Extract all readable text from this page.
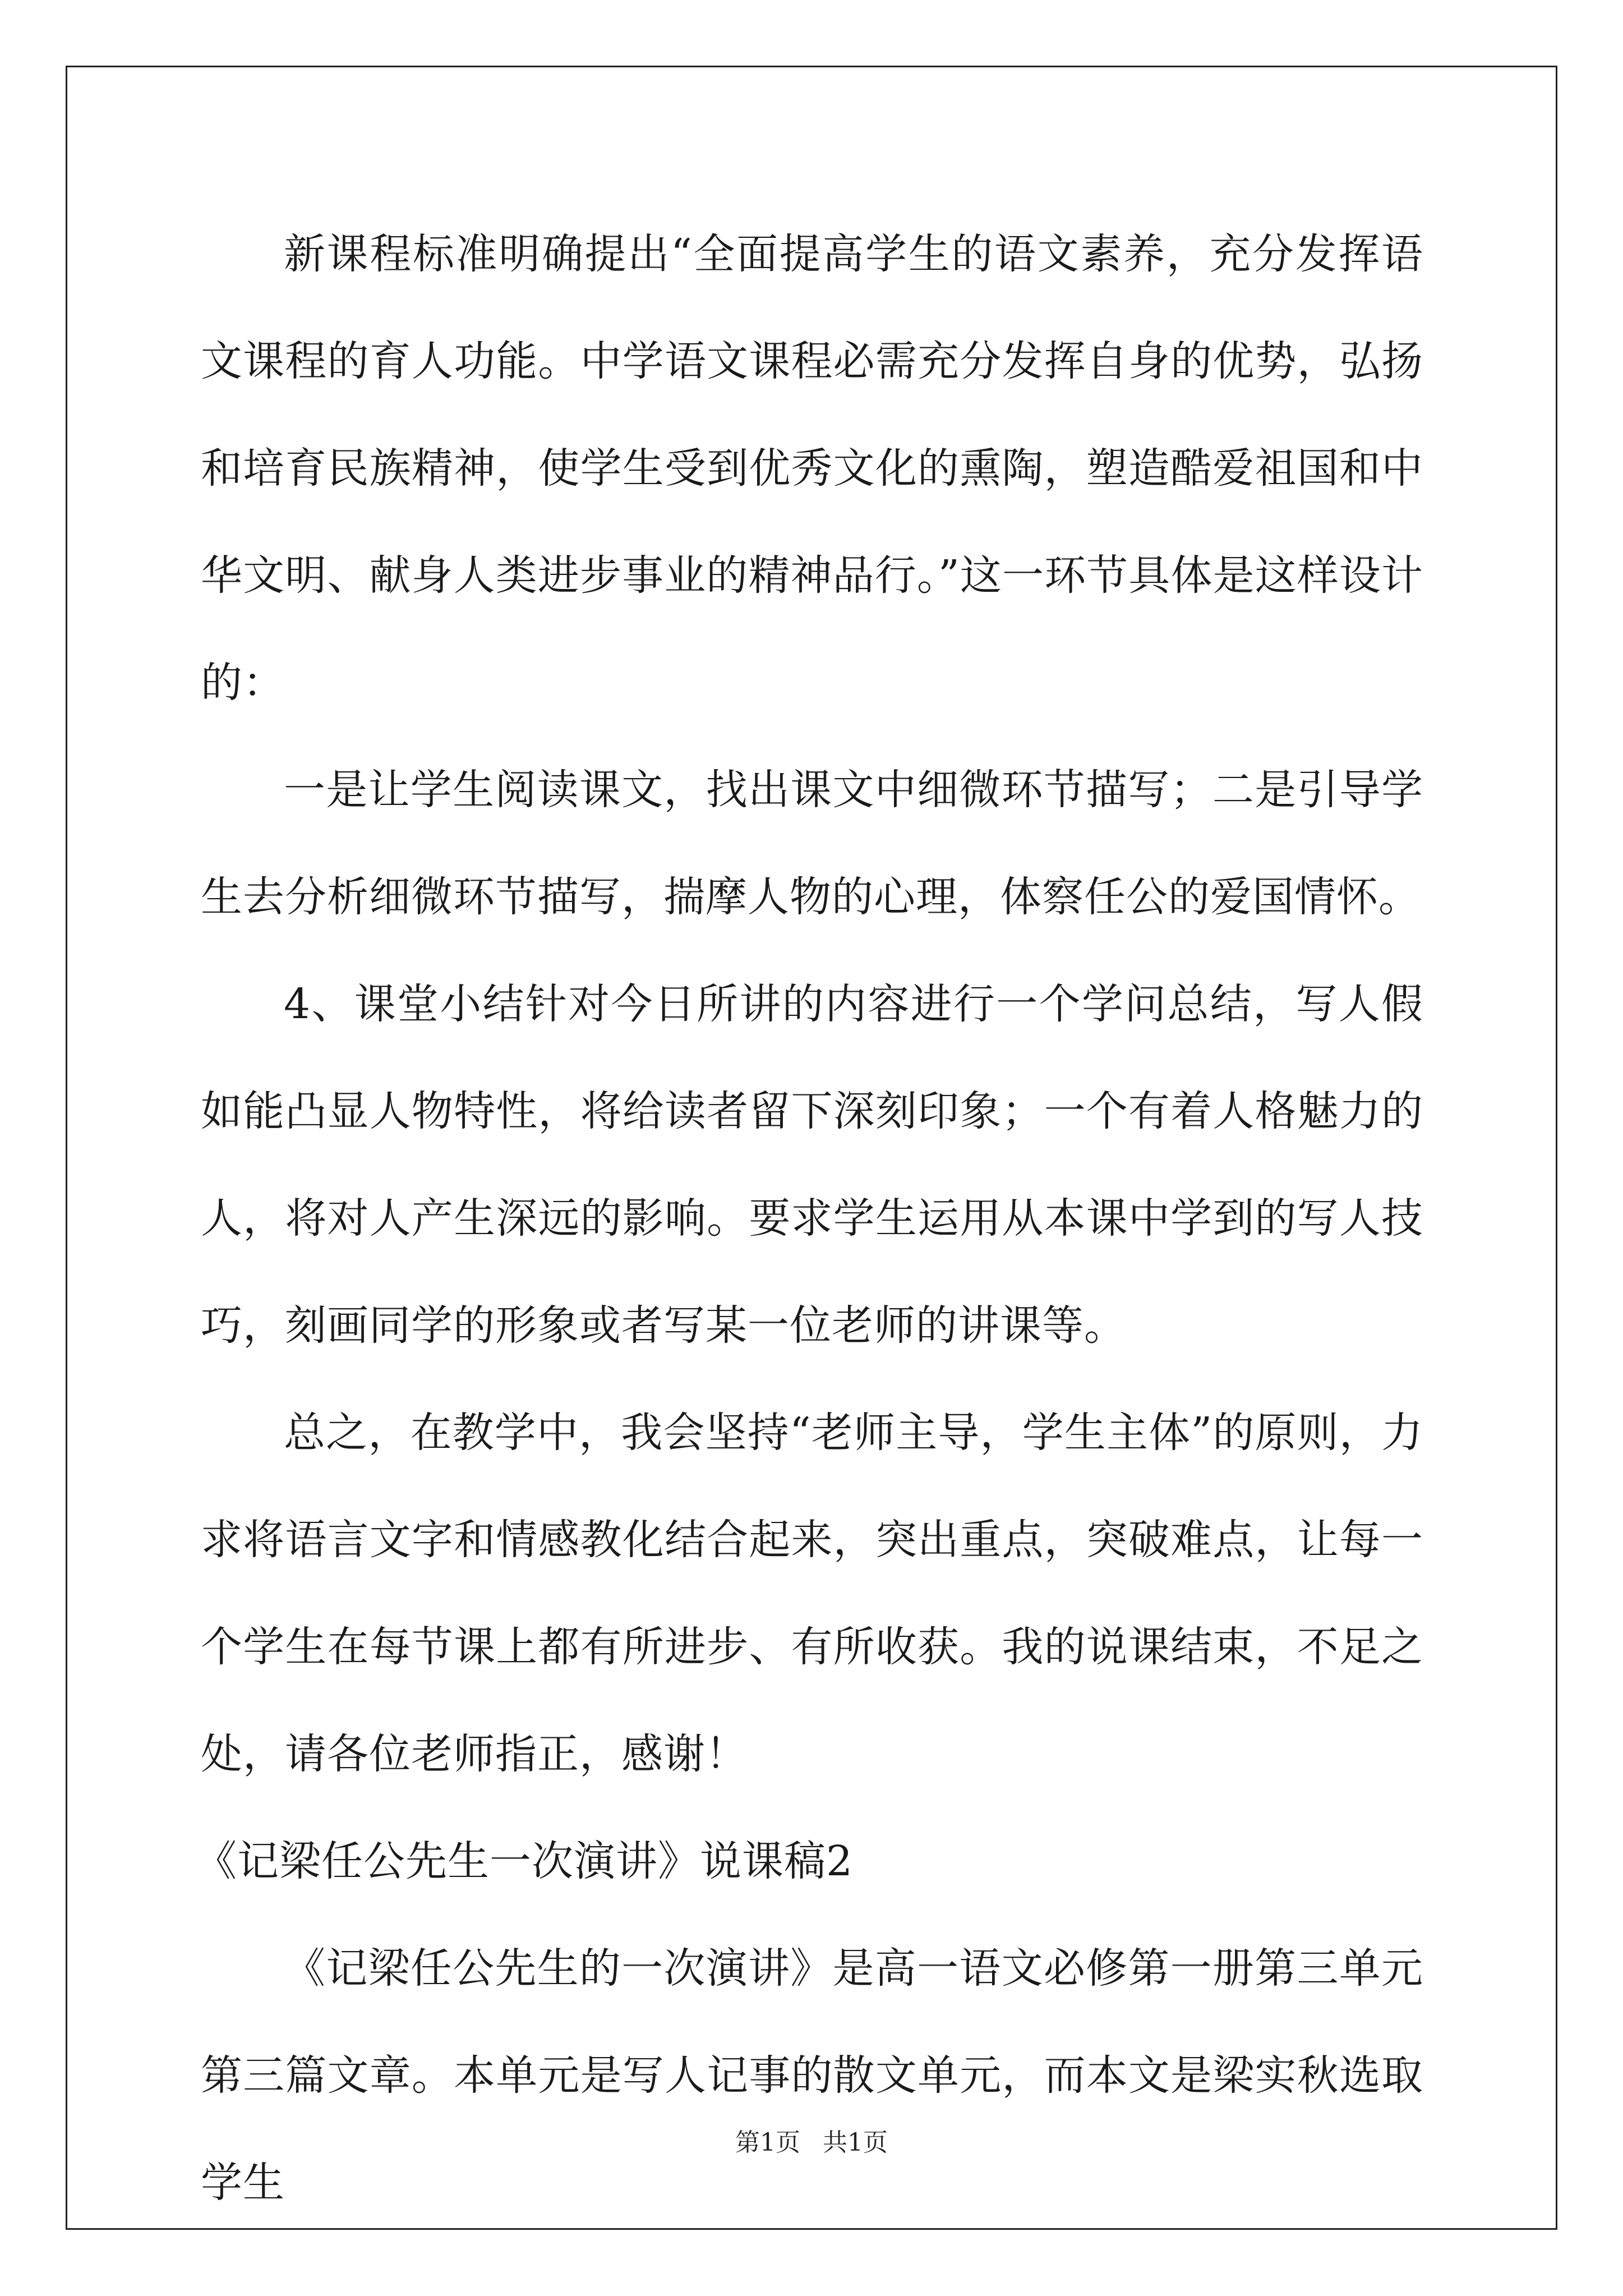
新课程标准明确提出“全面提高学生的语文素养，充分发挥语文课程的育人功能。中学语文课程必需充分发挥自身的优势，弘扬和培育民族精神，使学生受到优秀文化的熏陶，塑造酷爱祖国和中华文明、献身人类进步事业的精神品行。”这一环节具体是这样设计的：

一是让学生阅读课文，找出课文中细微环节描写；二是引导学生去分析细微环节描写，揣摩人物的心理，体察任公的爱国情怀。

4、课堂小结针对今日所讲的内容进行一个学问总结，写人假如能凸显人物特性，将给读者留下深刻印象；一个有着人格魅力的人，将对人产生深远的影响。要求学生运用从本课中学到的写人技巧，刻画同学的形象或者写某一位老师的讲课等。

总之，在教学中，我会坚持“老师主导，学生主体”的原则，力求将语言文字和情感教化结合起来，突出重点，突破难点，让每一个学生在每节课上都有所进步、有所收获。我的说课结束，不足之处，请各位老师指正，感谢！

《记梁任公先生一次演讲》说课稿2

《记梁任公先生的一次演讲》是高一语文必修第一册第三单元第三篇文章。本单元是写人记事的散文单元，而本文是梁实秋选取学生

第1页 共1页
